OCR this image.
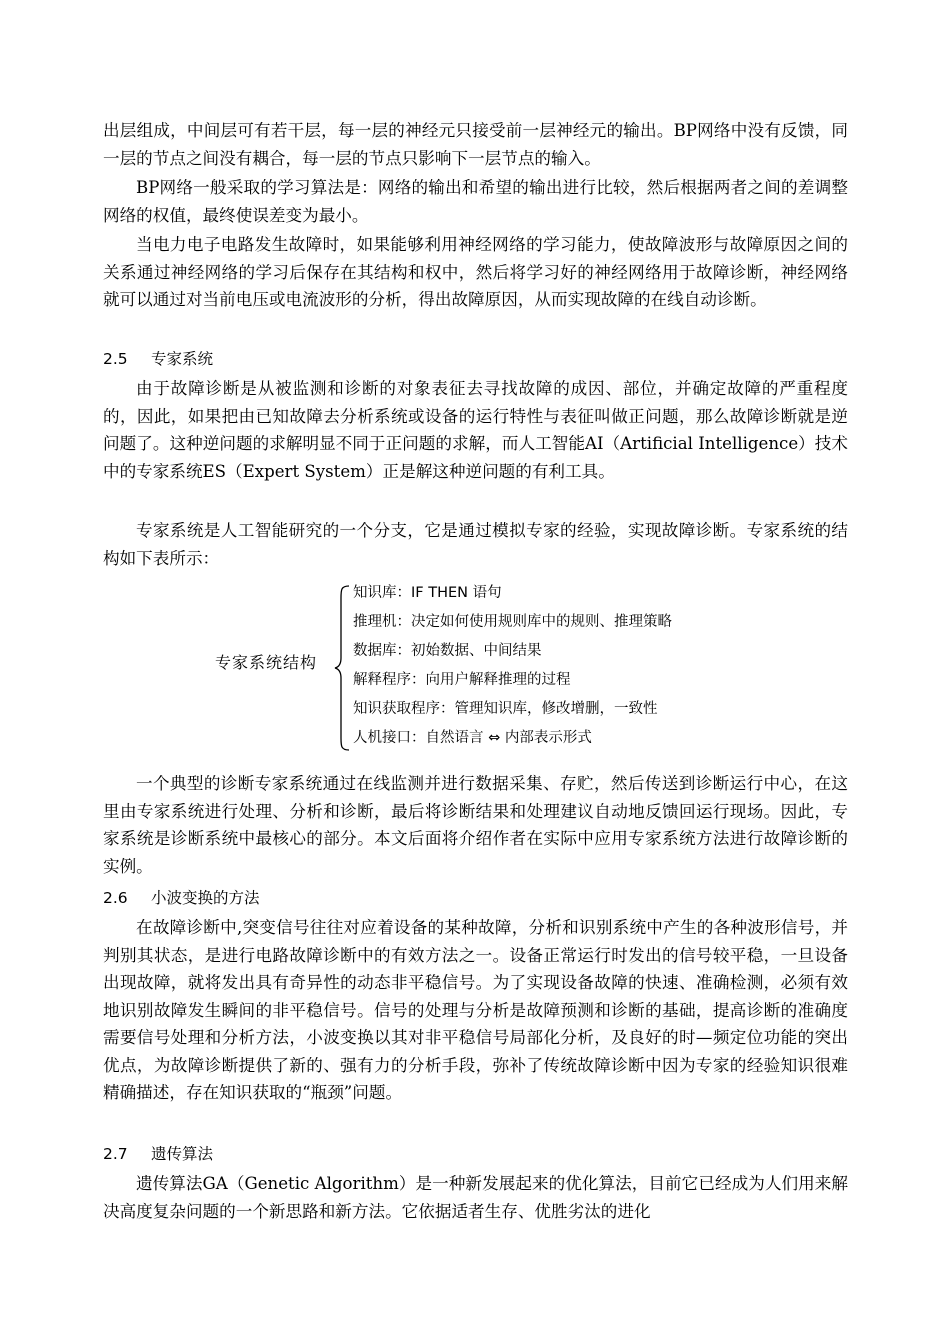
出层组成，中间层可有若干层，每一层的神经元只接受前一层神经元的输出。BP网络中没有反馈，同一层的节点之间没有耦合，每一层的节点只影响下一层节点的输入。

BP网络一般采取的学习算法是：网络的输出和希望的输出进行比较，然后根据两者之间的差调整网络的权值，最终使误差变为最小。

当电力电子电路发生故障时，如果能够利用神经网络的学习能力，使故障波形与故障原因之间的关系通过神经网络的学习后保存在其结构和权中，然后将学习好的神经网络用于故障诊断，神经网络就可以通过对当前电压或电流波形的分析，得出故障原因，从而实现故障的在线自动诊断。

2.5 专家系统

由于故障诊断是从被监测和诊断的对象表征去寻找故障的成因、部位，并确定故障的严重程度的，因此，如果把由已知故障去分析系统或设备的运行特性与表征叫做正问题，那么故障诊断就是逆问题了。这种逆问题的求解明显不同于正问题的求解，而人工智能AI（Artificial Intelligence）技术中的专家系统ES（Expert System）正是解这种逆问题的有利工具。

专家系统是人工智能研究的一个分支，它是通过模拟专家的经验，实现故障诊断。专家系统的结构如下表所示：

专家系统结构
知识库：IF THEN 语句
推理机：决定如何使用规则库中的规则、推理策略
数据库：初始数据、中间结果
解释程序：向用户解释推理的过程
知识获取程序：管理知识库，修改增删，一致性
人机接口：自然语言 ⇔ 内部表示形式

一个典型的诊断专家系统通过在线监测并进行数据采集、存贮，然后传送到诊断运行中心，在这里由专家系统进行处理、分析和诊断，最后将诊断结果和处理建议自动地反馈回运行现场。因此，专家系统是诊断系统中最核心的部分。本文后面将介绍作者在实际中应用专家系统方法进行故障诊断的实例。

2.6 小波变换的方法

在故障诊断中,突变信号往往对应着设备的某种故障，分析和识别系统中产生的各种波形信号，并判别其状态，是进行电路故障诊断中的有效方法之一。设备正常运行时发出的信号较平稳，一旦设备出现故障，就将发出具有奇异性的动态非平稳信号。为了实现设备故障的快速、准确检测，必须有效地识别故障发生瞬间的非平稳信号。信号的处理与分析是故障预测和诊断的基础，提高诊断的准确度需要信号处理和分析方法，小波变换以其对非平稳信号局部化分析，及良好的时—频定位功能的突出优点，为故障诊断提供了新的、强有力的分析手段，弥补了传统故障诊断中因为专家的经验知识很难精确描述，存在知识获取的“瓶颈”问题。

2.7 遗传算法

遗传算法GA（Genetic Algorithm）是一种新发展起来的优化算法，目前它已经成为人们用来解决高度复杂问题的一个新思路和新方法。它依据适者生存、优胜劣汰的进化
